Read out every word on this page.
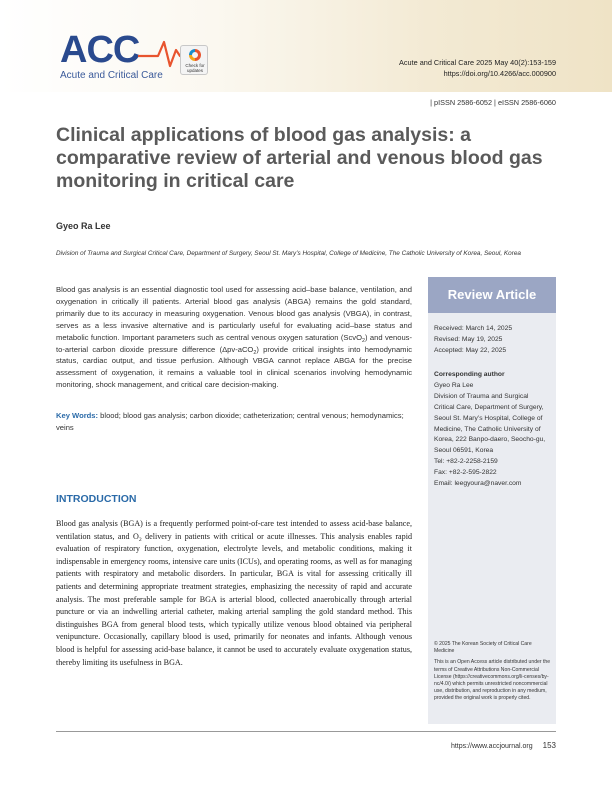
ACC
Acute and Critical Care
Check for updates
Acute and Critical Care 2025 May 40(2):153-159
https://doi.org/10.4266/acc.000900
| pISSN 2586-6052 | eISSN 2586-6060
Clinical applications of blood gas analysis: a comparative review of arterial and venous blood gas monitoring in critical care
Gyeo Ra Lee
Division of Trauma and Surgical Critical Care, Department of Surgery, Seoul St. Mary’s Hospital, College of Medicine, The Catholic University of Korea, Seoul, Korea
Blood gas analysis is an essential diagnostic tool used for assessing acid–base balance, ventilation, and oxygenation in critically ill patients. Arterial blood gas analysis (ABGA) remains the gold standard, primarily due to its accuracy in measuring oxygenation. Venous blood gas analysis (VBGA), in contrast, serves as a less invasive alternative and is particularly useful for evaluating acid–base status and metabolic function. Important parameters such as central venous oxygen saturation (ScvO$_2$) and venous-to-arterial carbon dioxide pressure difference (Δpv-aCO$_2$) provide critical insights into hemodynamic status, cardiac output, and tissue perfusion. Although VBGA cannot replace ABGA for the precise assessment of oxygenation, it remains a valuable tool in clinical scenarios involving hemodynamic monitoring, shock management, and critical care decision-making.
Key Words: blood; blood gas analysis; carbon dioxide; catheterization; central venous; hemodynamics; veins
Review Article
Received: March 14, 2025
Revised: May 19, 2025
Accepted: May 22, 2025
Corresponding author
Gyeo Ra Lee
Division of Trauma and Surgical
Critical Care, Department of Surgery,
Seoul St. Mary’s Hospital, College of
Medicine, The Catholic University of
Korea, 222 Banpo-daero, Seocho-gu,
Seoul 06591, Korea
Tel: +82-2-2258-2159
Fax: +82-2-595-2822
Email: leegyoura@naver.com
© 2025 The Korean Society of Critical Care Medicine
This is an Open Access article distributed under the terms of Creative Attributions Non-Commercial License (https://creativecommons.org/li-censes/by-nc/4.0/) which permits unrestricted noncommercial use, distribution, and reproduction in any medium, provided the original work is properly cited.
INTRODUCTION
Blood gas analysis (BGA) is a frequently performed point-of-care test intended to assess acid-base balance, ventilation status, and $O_2$ delivery in patients with critical or acute illnesses. This analysis enables rapid evaluation of respiratory function, oxygenation, electrolyte levels, and metabolic conditions, making it indispensable in emergency rooms, intensive care units (ICUs), and operating rooms, as well as for managing patients with respiratory and metabolic disorders. In particular, BGA is vital for assessing critically ill patients and determining appropriate treatment strategies, emphasizing the necessity of rapid and accurate analysis. The most preferable sample for BGA is arterial blood, collected anaerobically through arterial puncture or via an indwelling arterial catheter, making arterial sampling the gold standard method. This distinguishes BGA from general blood tests, which typically utilize venous blood obtained via peripheral venipuncture. Occasionally, capillary blood is used, primarily for neonates and infants. Although venous blood is helpful for assessing acid-base balance, it cannot be used to accurately evaluate oxygenation status, thereby limiting its usefulness in BGA.
https://www.accjournal.org 153
